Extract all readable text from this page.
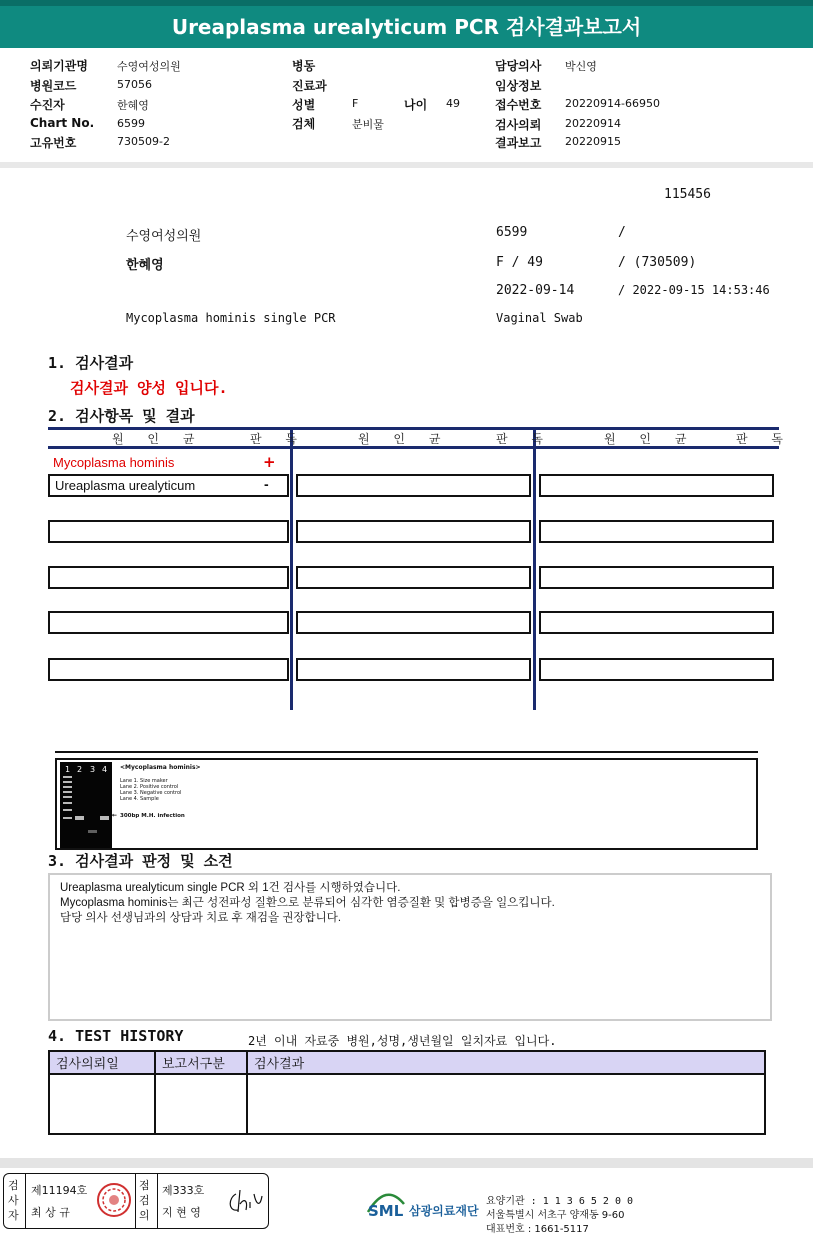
Ureaplasma urealyticum PCR 검사결과보고서
의뢰기관명	수영여성의원
병원코드	57056
수진자	한혜영
Chart No. 6599
고유번호	730509-2
병동
진료과
성별	F	나이 49
검체	분비물
담당의사 박신영
임상정보
접수번호 20220914-66950
검사의뢰 20220914
결과보고 20220915
115456
수영여성의원	6599	/
한혜영	F / 49	/ (730509)
2022-09-14	/ 2022-09-15 14:53:46
Mycoplasma hominis single PCR	Vaginal Swab
1. 검사결과
검사결과 양성 입니다.
2. 검사항목 및 결과
원 인 균	판 독	원 인 균	판 독	원 인 균	판 독
Mycoplasma hominis	+
Ureaplasma urealyticum	-
1 2 3 4 <Mycoplasma hominis>
Lane 1. Size maker
Lane 2. Positive control
Lane 3. Negative control
Lane 4. Sample
← 300bp M.H. infection
3. 검사결과 판정 및 소견
Ureaplasma urealyticum single PCR 외 1건 검사를 시행하였습니다.
Mycoplasma hominis는 최근 성전파성 질환으로 분류되어 심각한 염증질환 및 합병증을 일으킵니다.
담당 의사 선생님과의 상담과 치료 후 재검을 권장합니다.
4. TEST HISTORY	2년 이내 자료중 병원,성명,생년월일 일치자료 입니다.
검사의뢰일	보고서구분	검사결과

검사자
제11194호
최 상 규
점검의
제333호
지 현 영	SML 삼광의료재단
요양기관 : 1 1 3 6 5 2 0 0
서울특별시 서초구 양재동 9-60
대표번호 : 1661-5117
